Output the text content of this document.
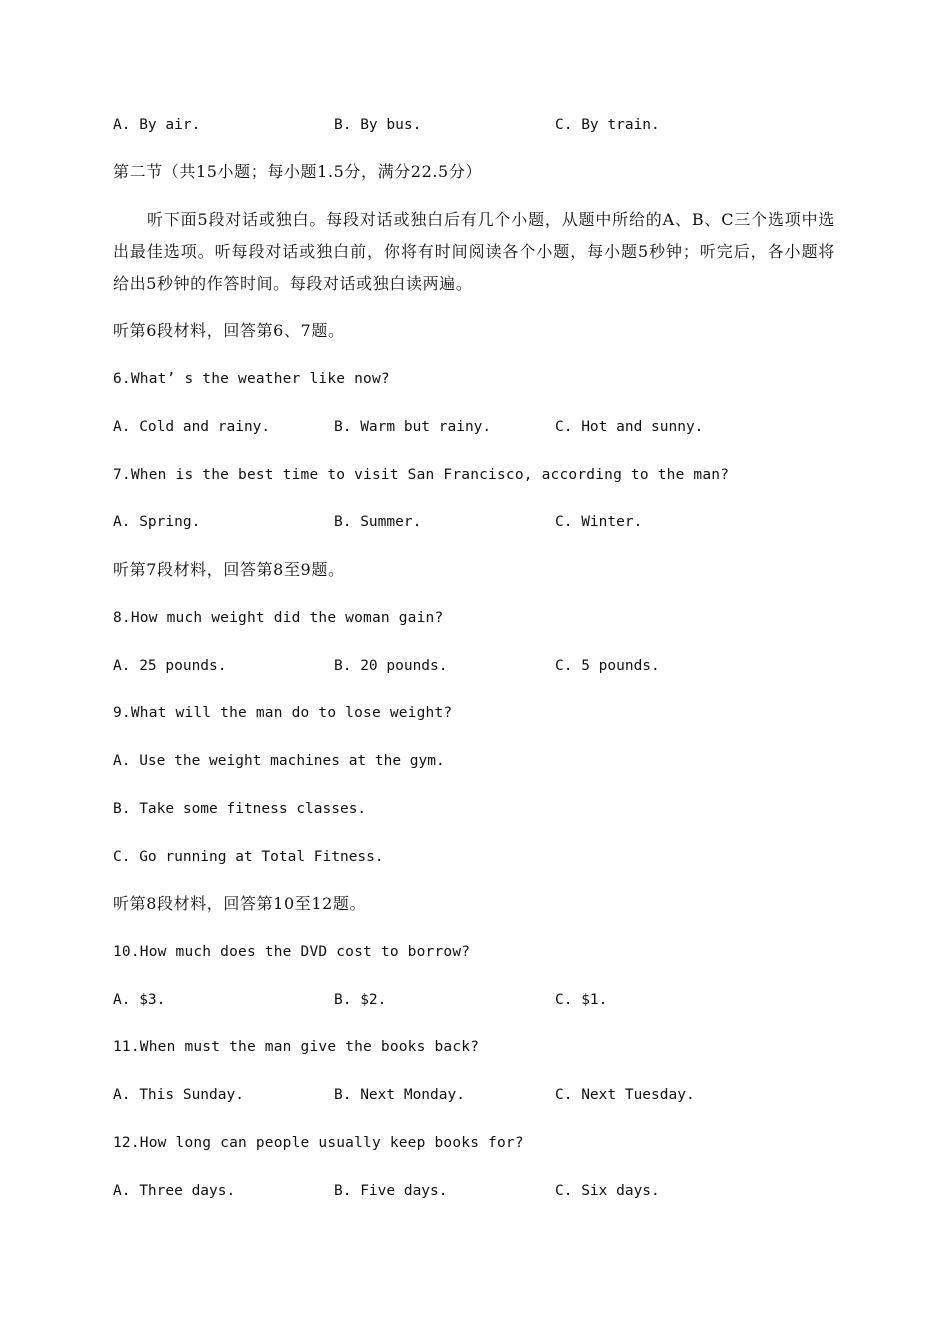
A. By air.	B. By bus.	C. By train.
第二节（共15小题；每小题1.5分，满分22.5分）
听下面5段对话或独白。每段对话或独白后有几个小题，从题中所给的A、B、C三个选项中选出最佳选项。听每段对话或独白前，你将有时间阅读各个小题，每小题5秒钟；听完后，各小题将给出5秒钟的作答时间。每段对话或独白读两遍。
听第6段材料，回答第6、7题。
6.What’ s the weather like now?
A. Cold and rainy.	B. Warm but rainy.	C. Hot and sunny.
7.When is the best time to visit San Francisco, according to the man?
A. Spring.	B. Summer.	C. Winter.
听第7段材料，回答第8至9题。
8.How much weight did the woman gain?
A. 25 pounds.	B. 20 pounds.	C. 5 pounds.
9.What will the man do to lose weight?
A. Use the weight machines at the gym.
B. Take some fitness classes.
C. Go running at Total Fitness.
听第8段材料，回答第10至12题。
10.How much does the DVD cost to borrow?
A. $3.	B. $2.	C. $1.
11.When must the man give the books back?
A. This Sunday.	B. Next Monday.	C. Next Tuesday.
12.How long can people usually keep books for?
A. Three days.	B. Five days.	C. Six days.
